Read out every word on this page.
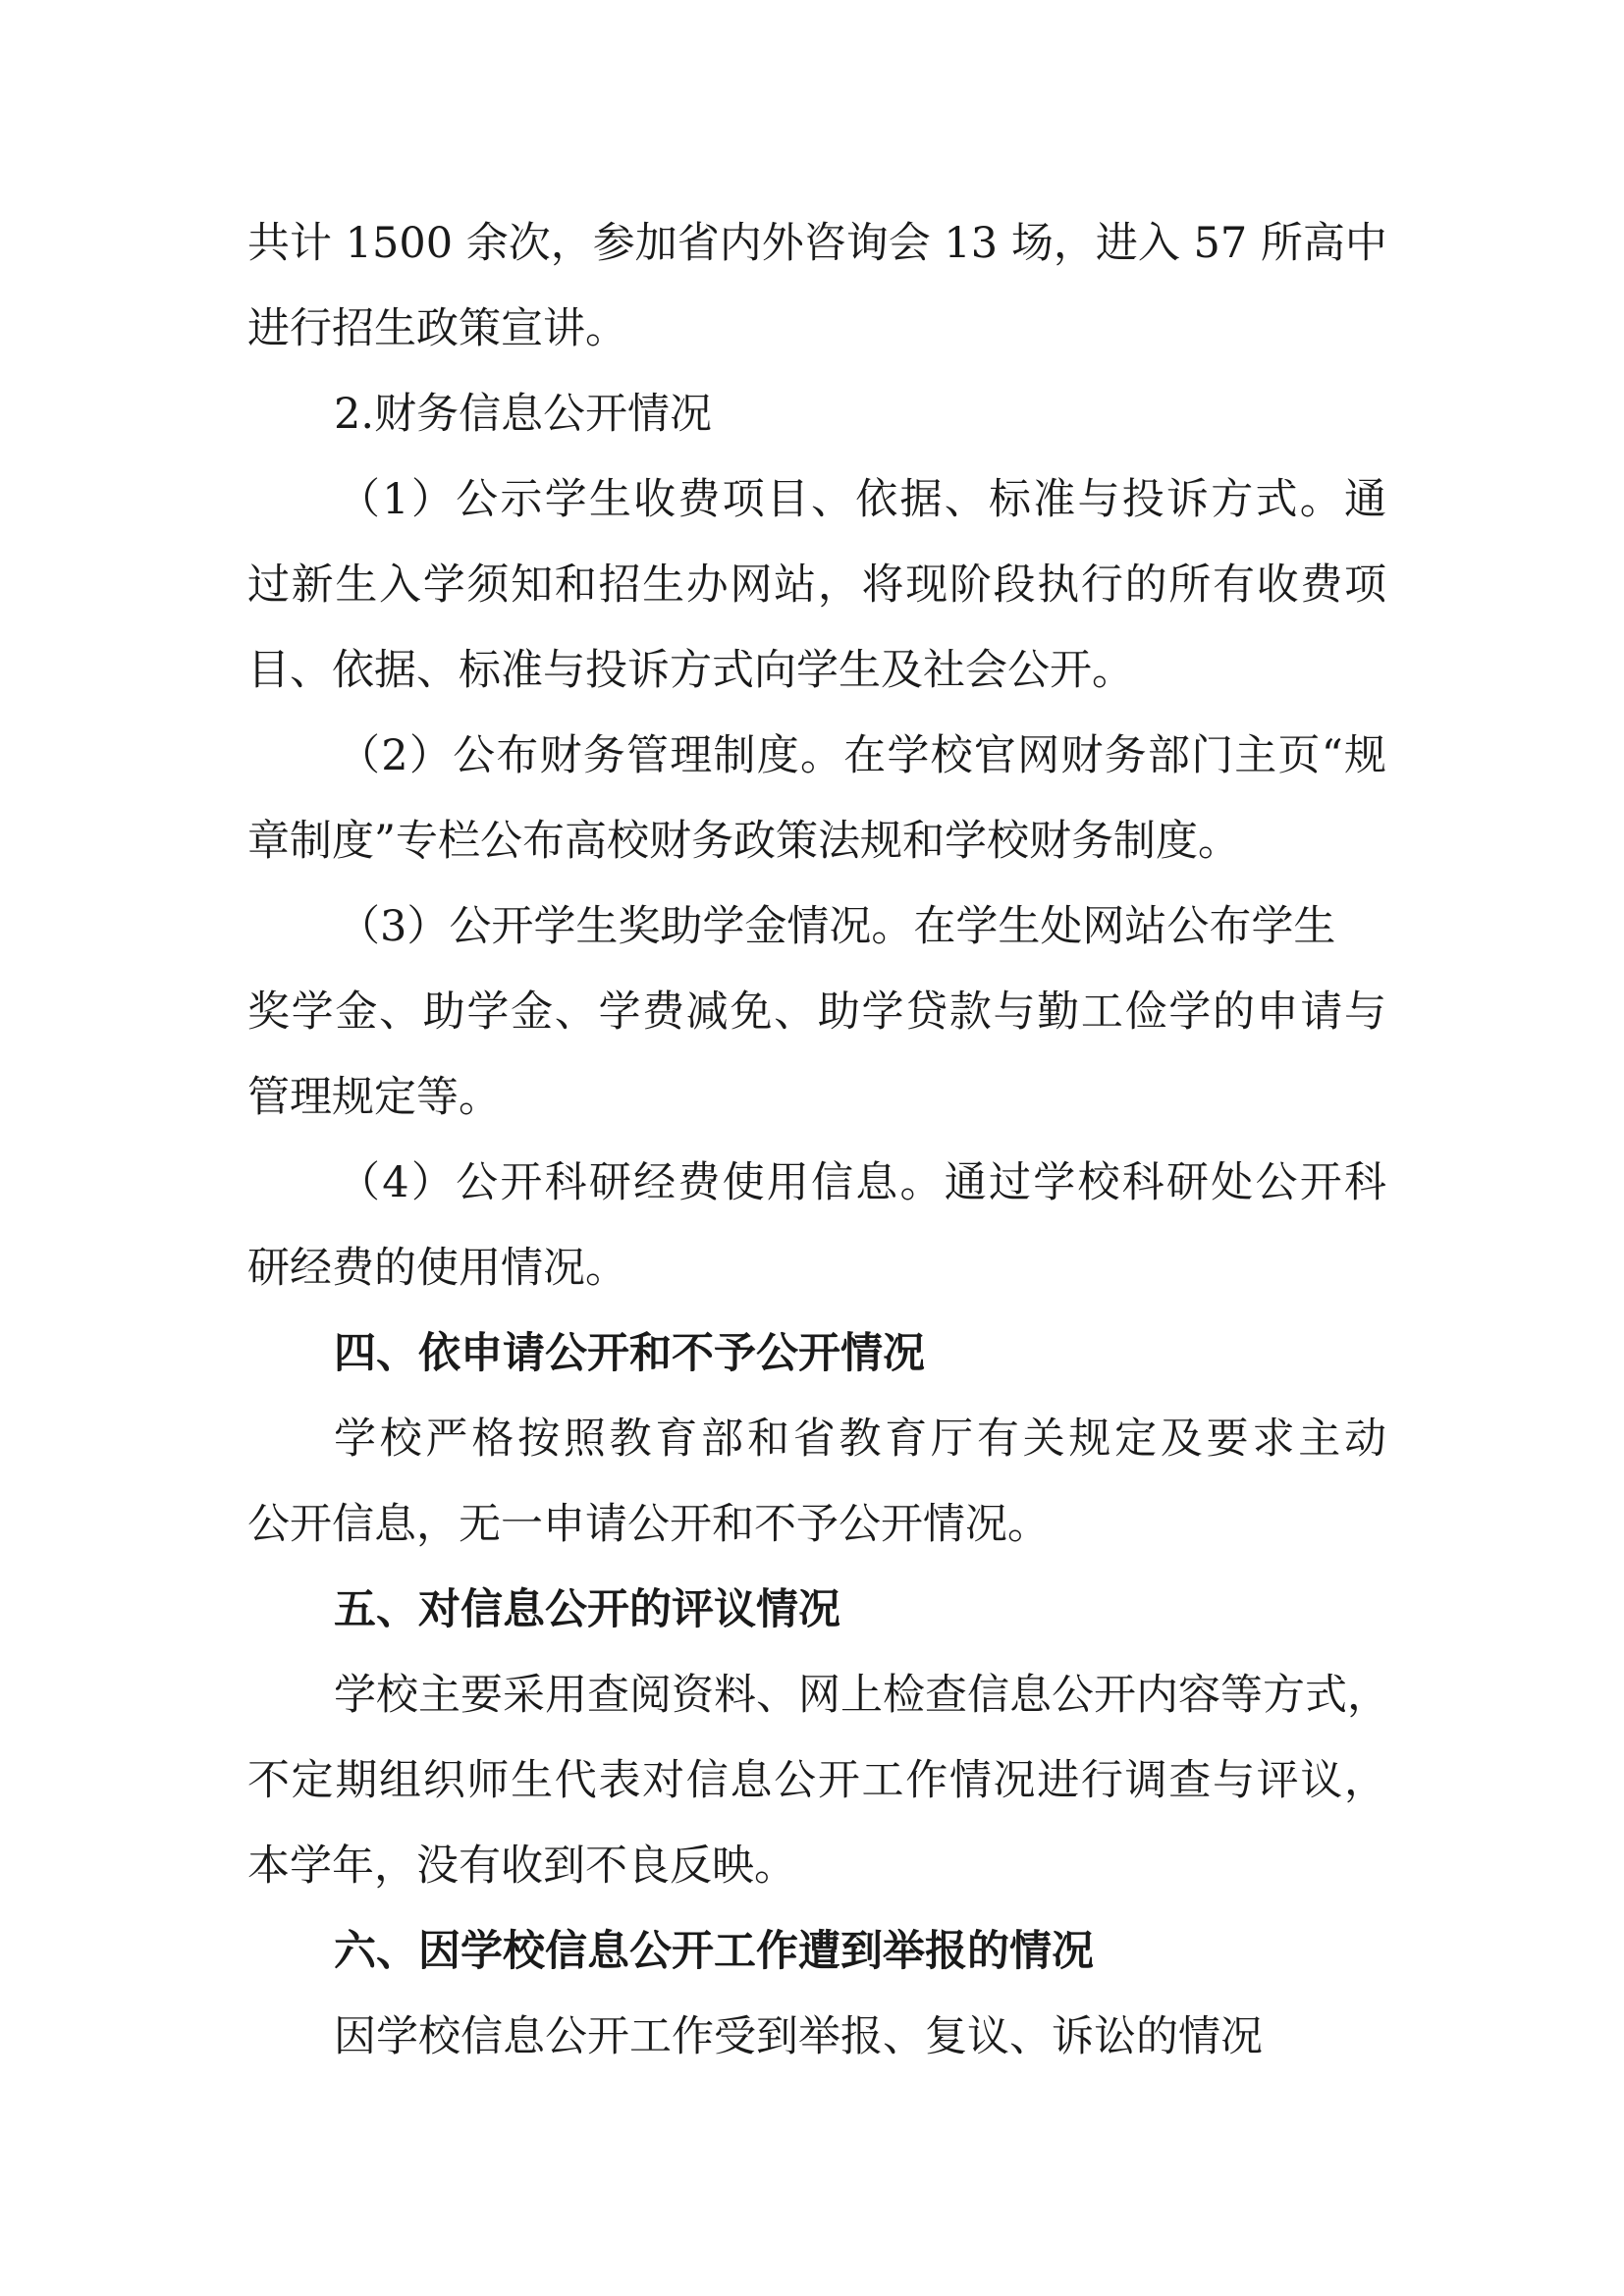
共计 1500 余次，参加省内外咨询会 13 场，进入 57 所高中
进行招生政策宣讲。
2.财务信息公开情况
（1）公示学生收费项目、依据、标准与投诉方式。通
过新生入学须知和招生办网站，将现阶段执行的所有收费项
目、依据、标准与投诉方式向学生及社会公开。
（2）公布财务管理制度。在学校官网财务部门主页“规
章制度”专栏公布高校财务政策法规和学校财务制度。
（3）公开学生奖助学金情况。在学生处网站公布学生
奖学金、助学金、学费减免、助学贷款与勤工俭学的申请与
管理规定等。
（4）公开科研经费使用信息。通过学校科研处公开科
研经费的使用情况。
四、依申请公开和不予公开情况
学校严格按照教育部和省教育厅有关规定及要求主动
公开信息，无一申请公开和不予公开情况。
五、对信息公开的评议情况
学校主要采用查阅资料、网上检查信息公开内容等方式，
不定期组织师生代表对信息公开工作情况进行调查与评议，
本学年，没有收到不良反映。
六、因学校信息公开工作遭到举报的情况
因学校信息公开工作受到举报、复议、诉讼的情况
